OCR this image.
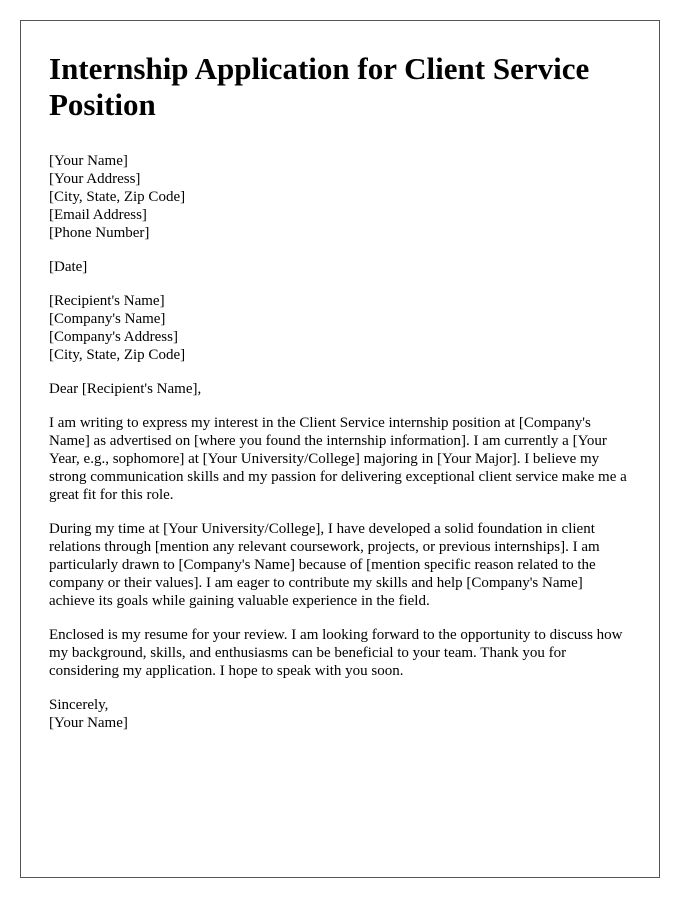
Internship Application for Client Service Position
[Your Name]
[Your Address]
[City, State, Zip Code]
[Email Address]
[Phone Number]
[Date]
[Recipient's Name]
[Company's Name]
[Company's Address]
[City, State, Zip Code]

Dear [Recipient's Name],

I am writing to express my interest in the Client Service internship position at [Company's Name] as advertised on [where you found the internship information]. I am currently a [Your Year, e.g., sophomore] at [Your University/College] majoring in [Your Major]. I believe my strong communication skills and my passion for delivering exceptional client service make me a great fit for this role.

During my time at [Your University/College], I have developed a solid foundation in client relations through [mention any relevant coursework, projects, or previous internships]. I am particularly drawn to [Company's Name] because of [mention specific reason related to the company or their values]. I am eager to contribute my skills and help [Company's Name] achieve its goals while gaining valuable experience in the field.

Enclosed is my resume for your review. I am looking forward to the opportunity to discuss how my background, skills, and enthusiasms can be beneficial to your team. Thank you for considering my application. I hope to speak with you soon.

Sincerely,
[Your Name]
